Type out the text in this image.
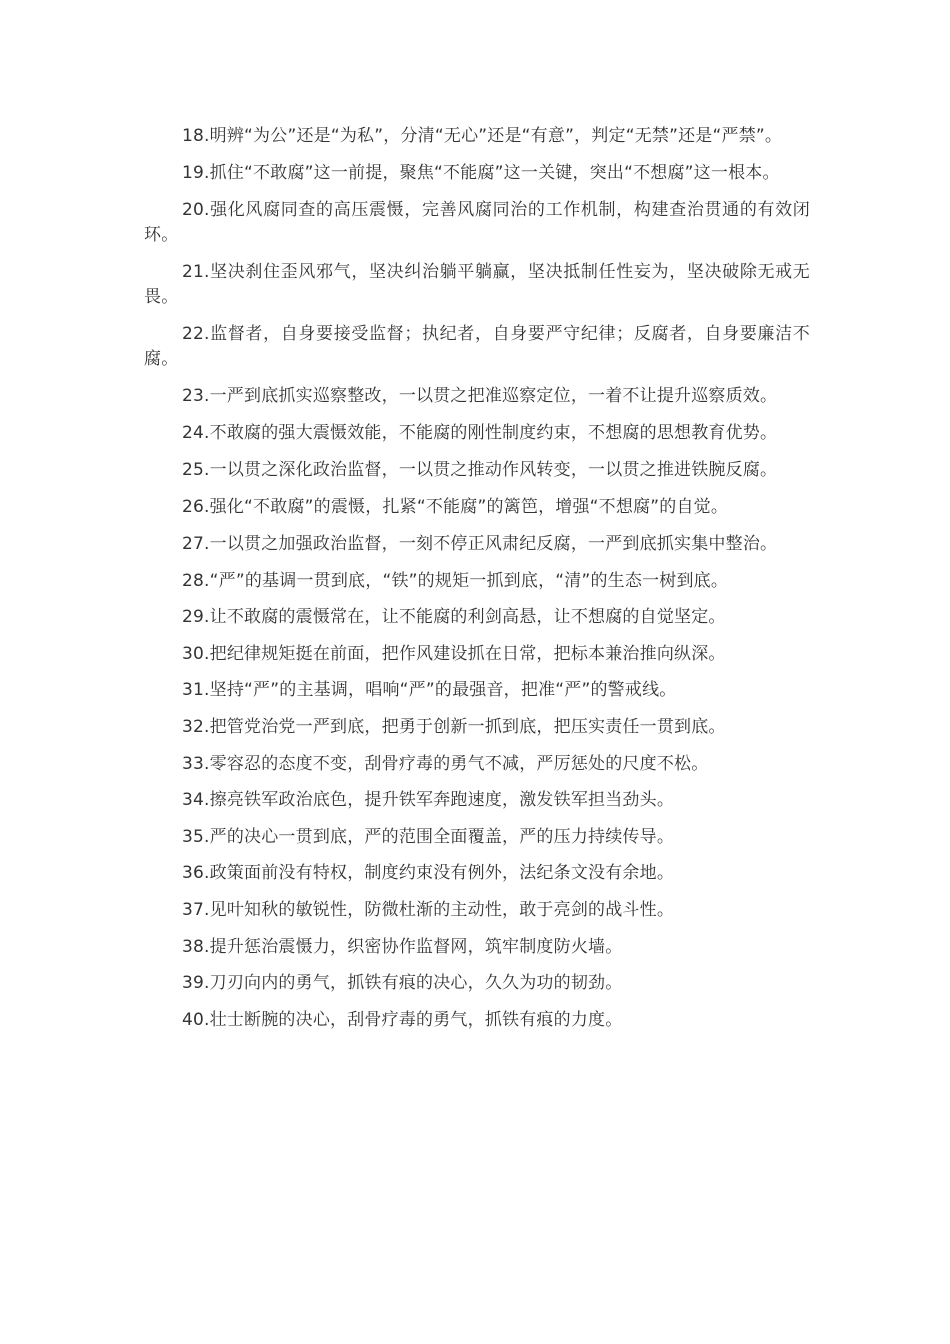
18.明辨“为公”还是“为私”，分清“无心”还是“有意”，判定“无禁”还是“严禁”。

19.抓住“不敢腐”这一前提，聚焦“不能腐”这一关键，突出“不想腐”这一根本。

20.强化风腐同查的高压震慑，完善风腐同治的工作机制，构建查治贯通的有效闭环。

21.坚决刹住歪风邪气，坚决纠治躺平躺赢，坚决抵制任性妄为，坚决破除无戒无畏。

22.监督者，自身要接受监督；执纪者，自身要严守纪律；反腐者，自身要廉洁不腐。

23.一严到底抓实巡察整改，一以贯之把准巡察定位，一着不让提升巡察质效。

24.不敢腐的强大震慑效能，不能腐的刚性制度约束，不想腐的思想教育优势。

25.一以贯之深化政治监督，一以贯之推动作风转变，一以贯之推进铁腕反腐。

26.强化“不敢腐”的震慑，扎紧“不能腐”的篱笆，增强“不想腐”的自觉。

27.一以贯之加强政治监督，一刻不停正风肃纪反腐，一严到底抓实集中整治。

28.“严”的基调一贯到底，“铁”的规矩一抓到底，“清”的生态一树到底。

29.让不敢腐的震慑常在，让不能腐的利剑高悬，让不想腐的自觉坚定。

30.把纪律规矩挺在前面，把作风建设抓在日常，把标本兼治推向纵深。

31.坚持“严”的主基调，唱响“严”的最强音，把准“严”的警戒线。

32.把管党治党一严到底，把勇于创新一抓到底，把压实责任一贯到底。

33.零容忍的态度不变，刮骨疗毒的勇气不减，严厉惩处的尺度不松。

34.擦亮铁军政治底色，提升铁军奔跑速度，激发铁军担当劲头。

35.严的决心一贯到底，严的范围全面覆盖，严的压力持续传导。

36.政策面前没有特权，制度约束没有例外，法纪条文没有余地。

37.见叶知秋的敏锐性，防微杜渐的主动性，敢于亮剑的战斗性。

38.提升惩治震慑力，织密协作监督网，筑牢制度防火墙。

39.刀刃向内的勇气，抓铁有痕的决心，久久为功的韧劲。

40.壮士断腕的决心，刮骨疗毒的勇气，抓铁有痕的力度。
